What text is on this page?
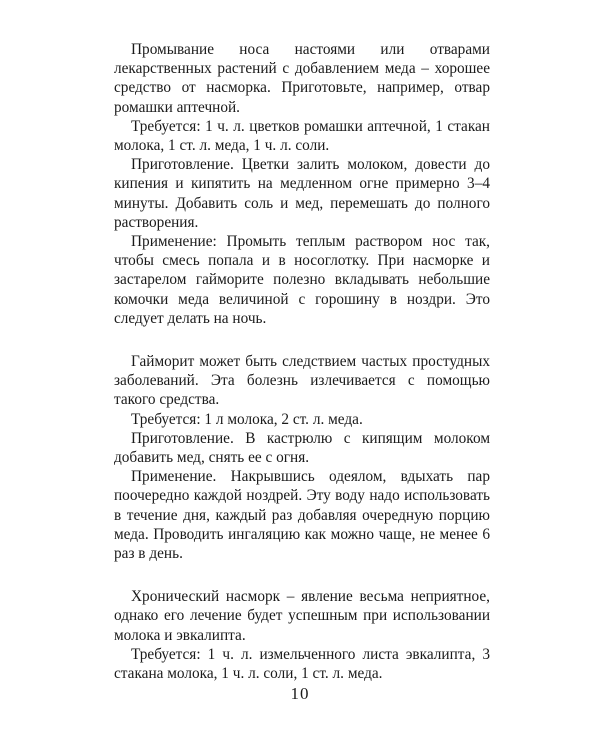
Промывание носа настоями или отварами лекарственных растений с добавлением меда – хорошее средство от насморка. Приготовьте, например, отвар ромашки аптечной.

Требуется: 1 ч. л. цветков ромашки аптечной, 1 стакан молока, 1 ст. л. меда, 1 ч. л. соли.

Приготовление. Цветки залить молоком, довести до кипения и кипятить на медленном огне примерно 3–4 минуты. Добавить соль и мед, перемешать до полного растворения.

Применение: Промыть теплым раствором нос так, чтобы смесь попала и в носоглотку. При насморке и застарелом гайморите полезно вкладывать небольшие комочки меда величиной с горошину в ноздри. Это следует делать на ночь.

Гайморит может быть следствием частых простудных заболеваний. Эта болезнь излечивается с помощью такого средства.

Требуется: 1 л молока, 2 ст. л. меда.

Приготовление. В кастрюлю с кипящим молоком добавить мед, снять ее с огня.

Применение. Накрывшись одеялом, вдыхать пар поочередно каждой ноздрей. Эту воду надо использовать в течение дня, каждый раз добавляя очередную порцию меда. Проводить ингаляцию как можно чаще, не менее 6 раз в день.

Хронический насморк – явление весьма неприятное, однако его лечение будет успешным при использовании молока и эвкалипта.

Требуется: 1 ч. л. измельченного листа эвкалипта, 3 стакана молока, 1 ч. л. соли, 1 ст. л. меда.

10
